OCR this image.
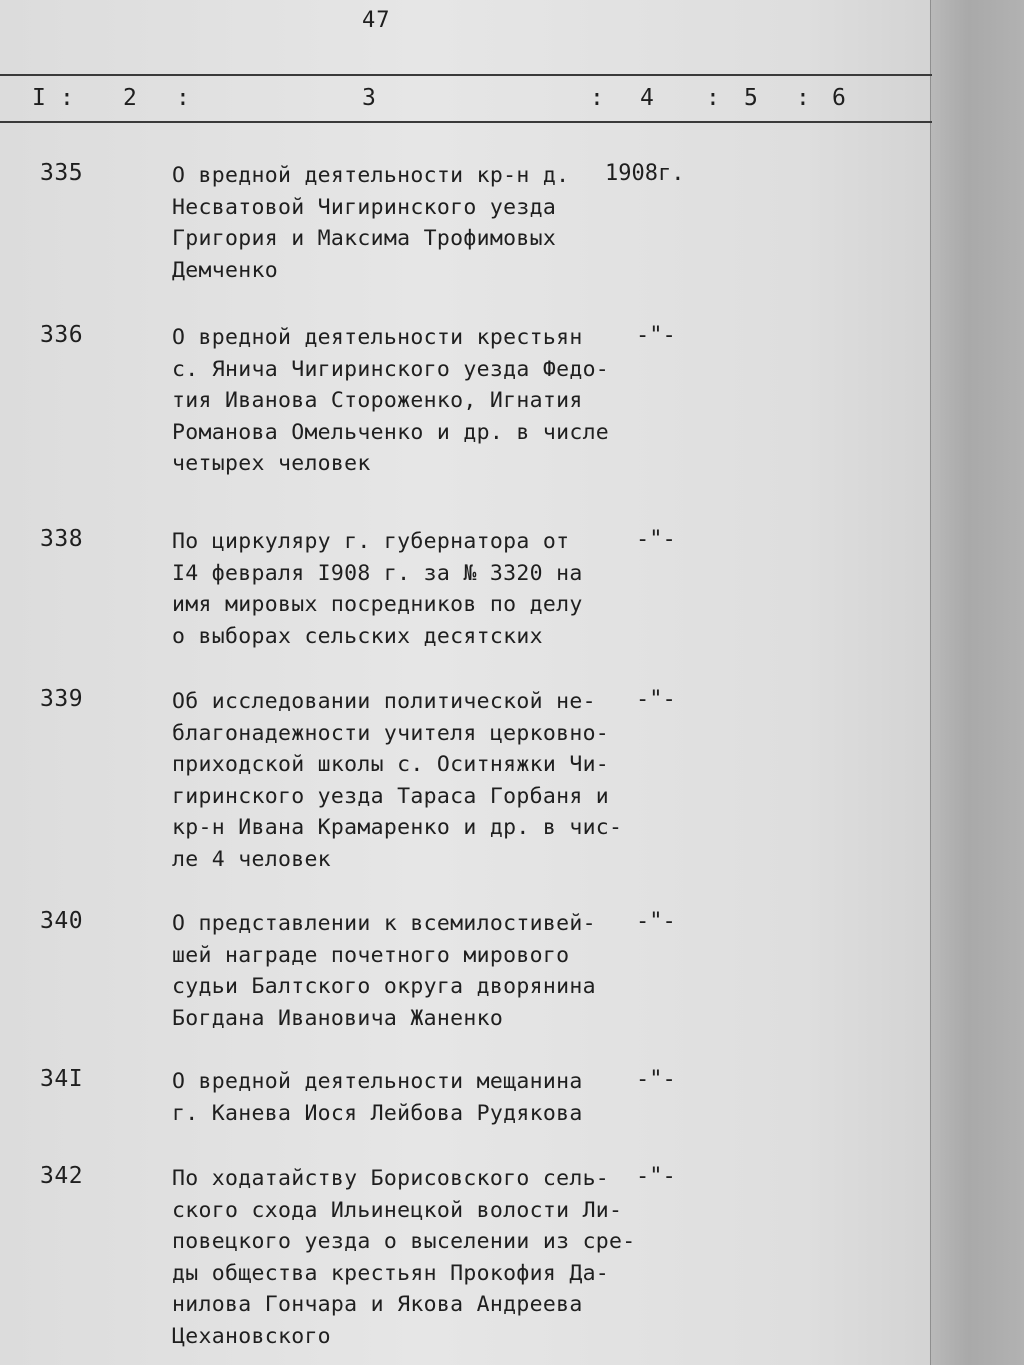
47
I : 2 :	3	: 4 : 5 : 6
335	О вредной деятельности кр-н д.
Несватовой Чигиринского уезда
Григория и Максима Трофимовых
Демченко
1908г.
336	О вредной деятельности крестьян
с. Янича Чигиринского уезда Федо-
тия Иванова Стороженко, Игнатия
Романова Омельченко и др. в числе
четырех человек
-"-
338	По циркуляру г. губернатора от
I4 февраля I908 г. за № 3320 на
имя мировых посредников по делу
о выборах сельских десятских
-"-
339	Об исследовании политической не-
благонадежности учителя церковно-
приходской школы с. Оситняжки Чи-
гиринского уезда Тараса Горбаня и
кр-н Ивана Крамаренко и др. в чис-
ле 4 человек
-"-
340	О представлении к всемилостивей-
шей награде почетного мирового
судьи Балтского округа дворянина
Богдана Ивановича Жаненко
-"-
34I	О вредной деятельности мещанина
г. Канева Иося Лейбова Рудякова
-"-
342	По ходатайству Борисовского сель-
ского схода Ильинецкой волости Ли-
повецкого уезда о выселении из сре-
ды общества крестьян Прокофия Да-
нилова Гончара и Якова Андреева
Цехановского
-"-
